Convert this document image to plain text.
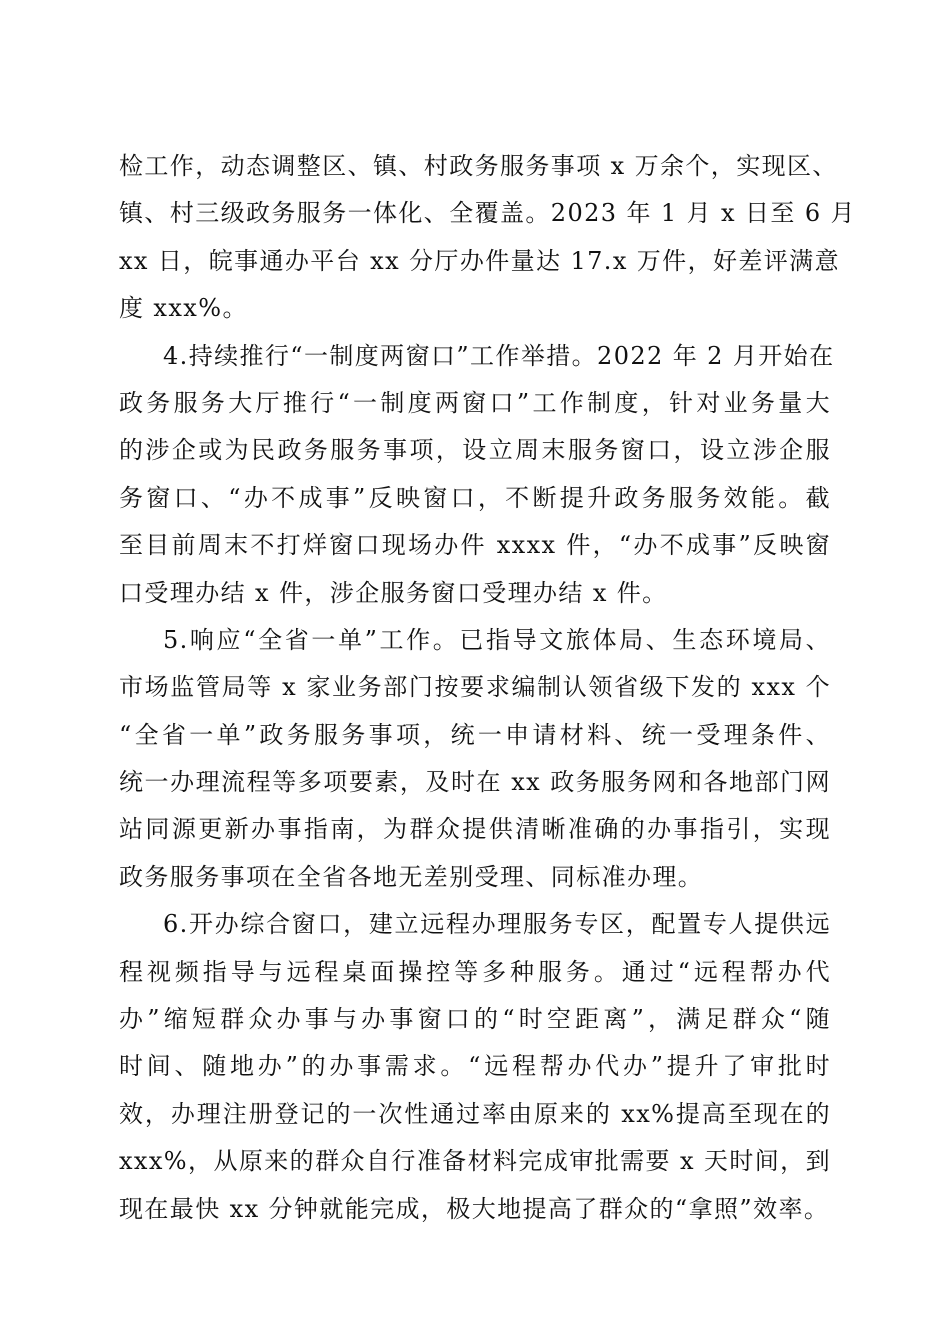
检工作，动态调整区、镇、村政务服务事项 x 万余个，实现区、
镇、村三级政务服务一体化、全覆盖。2023 年 1 月 x 日至 6 月
xx 日，皖事通办平台 xx 分厅办件量达 17.x 万件，好差评满意
度 xxx%。
4.持续推行“一制度两窗口”工作举措。2022 年 2 月开始在
政务服务大厅推行“一制度两窗口”工作制度，针对业务量大
的涉企或为民政务服务事项，设立周末服务窗口，设立涉企服
务窗口、“办不成事”反映窗口，不断提升政务服务效能。截
至目前周末不打烊窗口现场办件 xxxx 件，“办不成事”反映窗
口受理办结 x 件，涉企服务窗口受理办结 x 件。
5.响应“全省一单”工作。已指导文旅体局、生态环境局、
市场监管局等 x 家业务部门按要求编制认领省级下发的 xxx 个
“全省一单”政务服务事项，统一申请材料、统一受理条件、
统一办理流程等多项要素，及时在 xx 政务服务网和各地部门网
站同源更新办事指南，为群众提供清晰准确的办事指引，实现
政务服务事项在全省各地无差别受理、同标准办理。
6.开办综合窗口，建立远程办理服务专区，配置专人提供远
程视频指导与远程桌面操控等多种服务。通过“远程帮办代
办”缩短群众办事与办事窗口的“时空距离”，满足群众“随
时间、随地办”的办事需求。“远程帮办代办”提升了审批时
效，办理注册登记的一次性通过率由原来的 xx%提高至现在的
xxx%，从原来的群众自行准备材料完成审批需要 x 天时间，到
现在最快 xx 分钟就能完成，极大地提高了群众的“拿照”效率。
